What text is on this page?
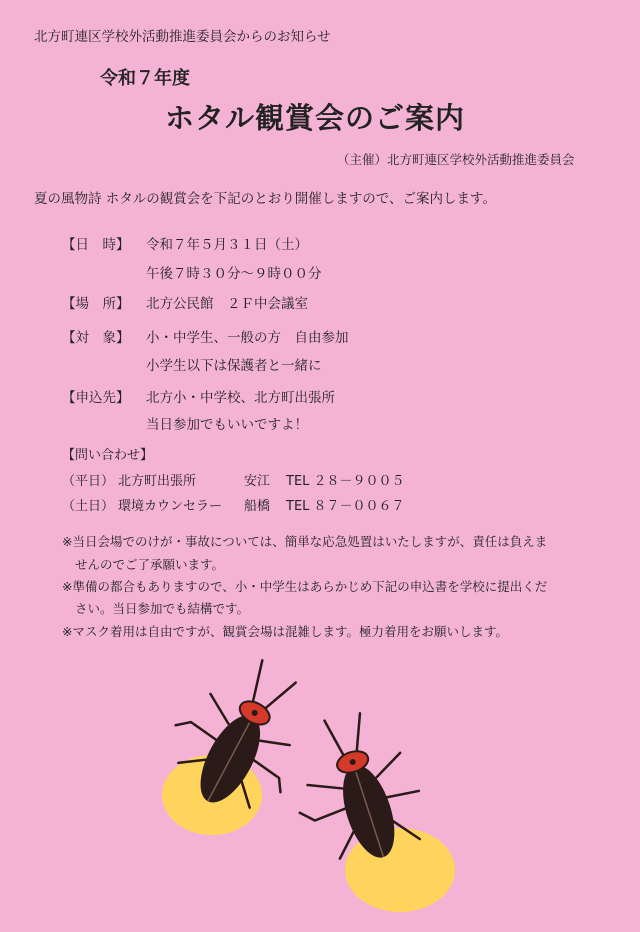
北方町連区学校外活動推進委員会からのお知らせ
令和７年度
ホタル観賞会のご案内
（主催）北方町連区学校外活動推進委員会
夏の風物詩 ホタルの観賞会を下記のとおり開催しますので、ご案内します。
【日　時】 令和７年５月３１日（土）
午後７時３０分～９時００分
【場　所】 北方公民館　２Ｆ中会議室
【対　象】 小・中学生、一般の方　自由参加
小学生以下は保護者と一緒に
【申込先】 北方小・中学校、北方町出張所
当日参加でもいいですよ！
【問い合わせ】
（平日） 北方町出張所	安江 TEL ２８－９００５
（土日） 環境カウンセラー 船橋 TEL ８７－００６７
※当日会場でのけが・事故については、簡単な応急処置はいたしますが、責任は負えま
せんのでご了承願います。
※準備の都合もありますので、小・中学生はあらかじめ下記の申込書を学校に提出くだ
さい。当日参加でも結構です。
※マスク着用は自由ですが、観賞会場は混雑します。極力着用をお願いします。
